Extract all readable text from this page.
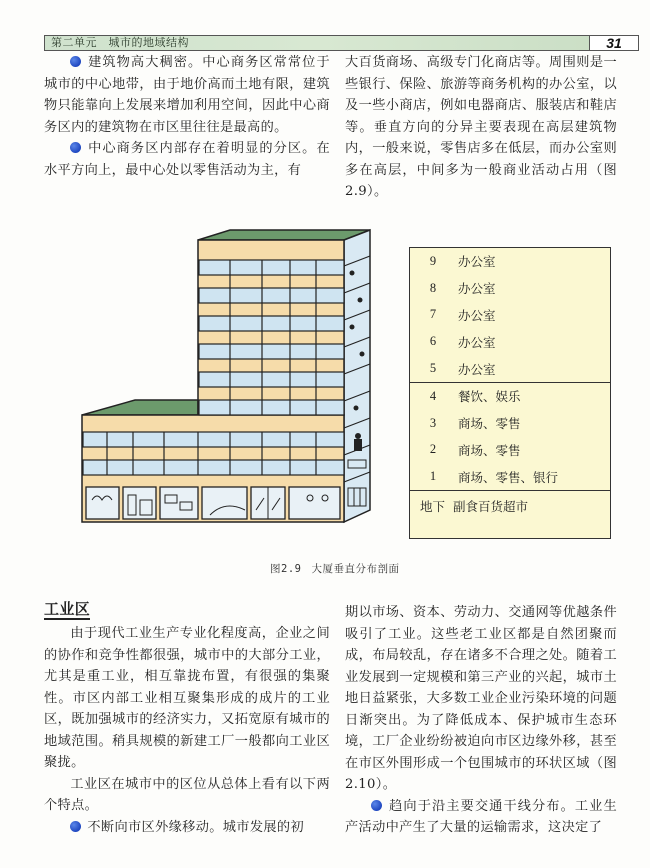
第二单元　城市的地域结构	31

建筑物高大稠密。中心商务区常常位于城市的中心地带，由于地价高而土地有限，建筑物只能靠向上发展来增加利用空间，因此中心商务区内的建筑物在市区里往往是最高的。

中心商务区内部存在着明显的分区。在水平方向上，最中心处以零售活动为主，有

大百货商场、高级专门化商店等。周围则是一些银行、保险、旅游等商务机构的办公室，以及一些小商店，例如电器商店、服装店和鞋店等。垂直方向的分异主要表现在高层建筑物内，一般来说，零售店多在低层，而办公室则多在高层，中间多为一般商业活动占用（图2.9）。

9	办公室
8	办公室
7	办公室
6	办公室
5	办公室
4	餐饮、娱乐
3	商场、零售
2	商场、零售
1	商场、零售、银行
地下 副食百货超市
图2.9 大厦垂直分布剖面
工业区

由于现代工业生产专业化程度高，企业之间的协作和竞争性都很强，城市中的大部分工业，尤其是重工业，相互靠拢布置，有很强的集聚性。市区内部工业相互聚集形成的成片的工业区，既加强城市的经济实力，又拓宽原有城市的地域范围。稍具规模的新建工厂一般都向工业区聚拢。

工业区在城市中的区位从总体上看有以下两个特点。

不断向市区外缘移动。城市发展的初

期以市场、资本、劳动力、交通网等优越条件吸引了工业。这些老工业区都是自然团聚而成，布局较乱，存在诸多不合理之处。随着工业发展到一定规模和第三产业的兴起，城市土地日益紧张，大多数工业企业污染环境的问题日渐突出。为了降低成本、保护城市生态环境，工厂企业纷纷被迫向市区边缘外移，甚至在市区外围形成一个包围城市的环状区域（图2.10）。

趋向于沿主要交通干线分布。工业生产活动中产生了大量的运输需求，这决定了
